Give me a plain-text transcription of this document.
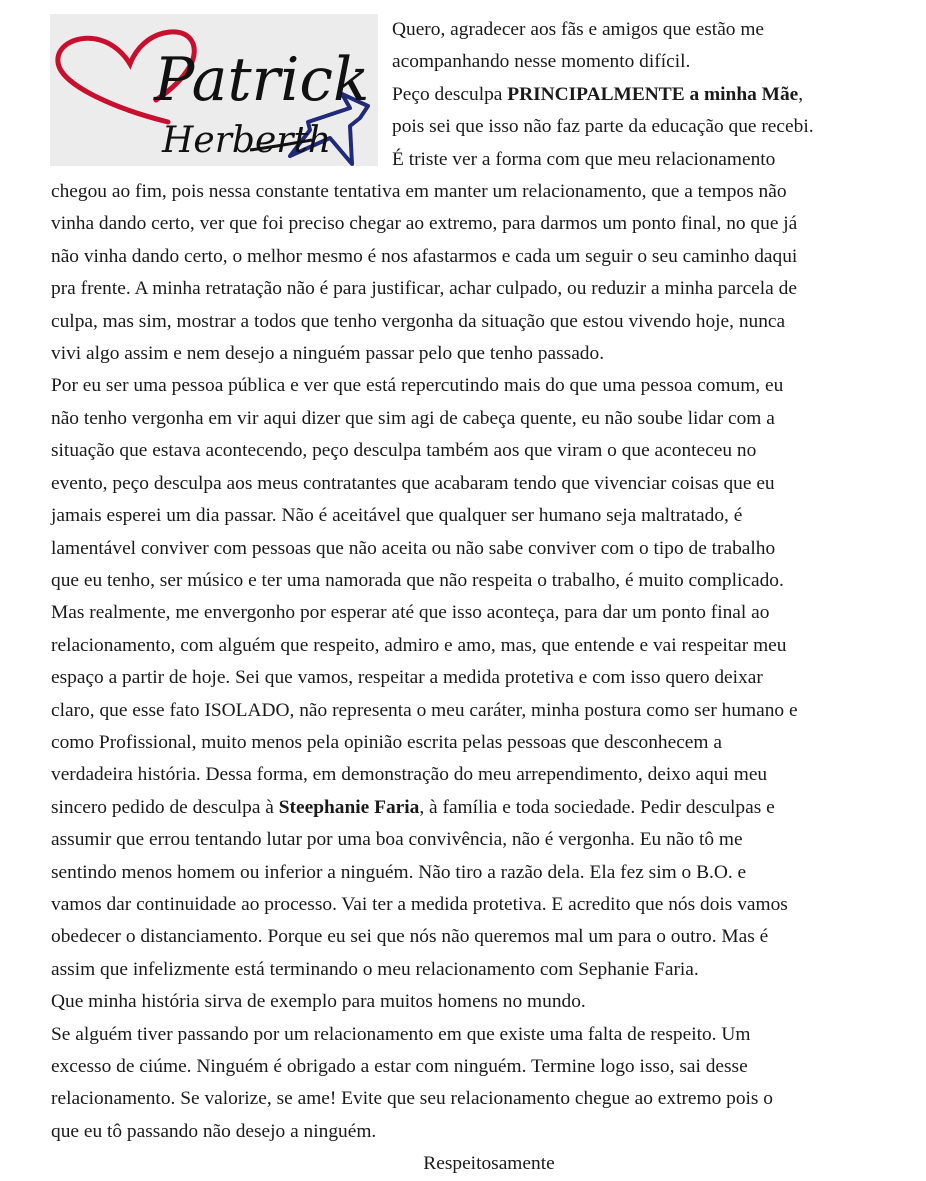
Patrick
Herberth
Quero, agradecer aos fãs e amigos que estão me
acompanhando nesse momento difícil.
Peço desculpa PRINCIPALMENTE a minha Mãe,
pois sei que isso não faz parte da educação que recebi.
É triste ver a forma com que meu relacionamento
chegou ao fim, pois nessa constante tentativa em manter um relacionamento, que a tempos não
vinha dando certo, ver que foi preciso chegar ao extremo, para darmos um ponto final, no que já
não vinha dando certo, o melhor mesmo é nos afastarmos e cada um seguir o seu caminho daqui
pra frente. A minha retratação não é para justificar, achar culpado, ou reduzir a minha parcela de
culpa, mas sim, mostrar a todos que tenho vergonha da situação que estou vivendo hoje, nunca
vivi algo assim e nem desejo a ninguém passar pelo que tenho passado.
Por eu ser uma pessoa pública e ver que está repercutindo mais do que uma pessoa comum, eu
não tenho vergonha em vir aqui dizer que sim agi de cabeça quente, eu não soube lidar com a
situação que estava acontecendo, peço desculpa também aos que viram o que aconteceu no
evento, peço desculpa aos meus contratantes que acabaram tendo que vivenciar coisas que eu
jamais esperei um dia passar. Não é aceitável que qualquer ser humano seja maltratado, é
lamentável conviver com pessoas que não aceita ou não sabe conviver com o tipo de trabalho
que eu tenho, ser músico e ter uma namorada que não respeita o trabalho, é muito complicado.
Mas realmente, me envergonho por esperar até que isso aconteça, para dar um ponto final ao
relacionamento, com alguém que respeito, admiro e amo, mas, que entende e vai respeitar meu
espaço a partir de hoje. Sei que vamos, respeitar a medida protetiva e com isso quero deixar
claro, que esse fato ISOLADO, não representa o meu caráter, minha postura como ser humano e
como Profissional, muito menos pela opinião escrita pelas pessoas que desconhecem a
verdadeira história. Dessa forma, em demonstração do meu arrependimento, deixo aqui meu
sincero pedido de desculpa à Steephanie Faria, à família e toda sociedade. Pedir desculpas e
assumir que errou tentando lutar por uma boa convivência, não é vergonha. Eu não tô me
sentindo menos homem ou inferior a ninguém. Não tiro a razão dela. Ela fez sim o B.O. e
vamos dar continuidade ao processo. Vai ter a medida protetiva. E acredito que nós dois vamos
obedecer o distanciamento. Porque eu sei que nós não queremos mal um para o outro. Mas é
assim que infelizmente está terminando o meu relacionamento com Sephanie Faria.
Que minha história sirva de exemplo para muitos homens no mundo.
Se alguém tiver passando por um relacionamento em que existe uma falta de respeito. Um
excesso de ciúme. Ninguém é obrigado a estar com ninguém. Termine logo isso, sai desse
relacionamento. Se valorize, se ame! Evite que seu relacionamento chegue ao extremo pois o
que eu tô passando não desejo a ninguém.
Respeitosamente
